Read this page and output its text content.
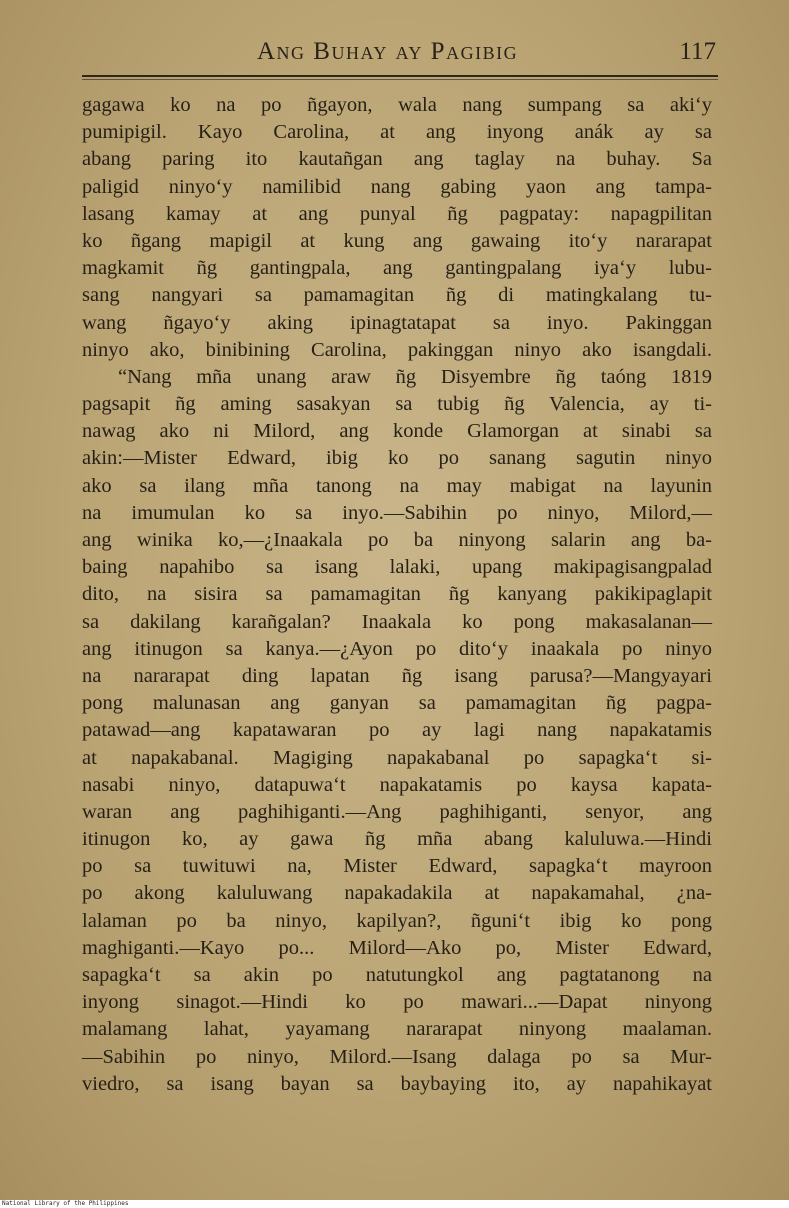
Ang Buhay ay Pagibig	117
gagawa ko na po ñgayon, wala nang sumpang sa aki‘y
pumipigil. Kayo Carolina, at ang inyong anák ay sa
abang paring ito kautañgan ang taglay na buhay. Sa
paligid ninyo‘y namilibid nang gabing yaon ang tampa-
lasang kamay at ang punyal ñg pagpatay: napagpilitan
ko ñgang mapigil at kung ang gawaing ito‘y nararapat
magkamit ñg gantingpala, ang gantingpalang iya‘y lubu-
sang nangyari sa pamamagitan ñg di matingkalang tu-
wang ñgayo‘y aking ipinagtatapat sa inyo. Pakinggan
ninyo ako, binibining Carolina, pakinggan ninyo ako isangdali.
“Nang mña unang araw ñg Disyembre ñg taóng 1819
pagsapit ñg aming sasakyan sa tubig ñg Valencia, ay ti-
nawag ako ni Milord, ang konde Glamorgan at sinabi sa
akin:—Mister Edward, ibig ko po sanang sagutin ninyo
ako sa ilang mña tanong na may mabigat na layunin
na imumulan ko sa inyo.—Sabihin po ninyo, Milord,—
ang winika ko,—¿Inaakala po ba ninyong salarin ang ba-
baing napahibo sa isang lalaki, upang makipagisangpalad
dito, na sisira sa pamamagitan ñg kanyang pakikipaglapit
sa dakilang karañgalan? Inaakala ko pong makasalanan—
ang itinugon sa kanya.—¿Ayon po dito‘y inaakala po ninyo
na nararapat ding lapatan ñg isang parusa?—Mangyayari
pong malunasan ang ganyan sa pamamagitan ñg pagpa-
patawad—ang kapatawaran po ay lagi nang napakatamis
at napakabanal. Magiging napakabanal po sapagka‘t si-
nasabi ninyo, datapuwa‘t napakatamis po kaysa kapata-
waran ang paghihiganti.—Ang paghihiganti, senyor, ang
itinugon ko, ay gawa ñg mña abang kaluluwa.—Hindi
po sa tuwituwi na, Mister Edward, sapagka‘t mayroon
po akong kaluluwang napakadakila at napakamahal, ¿na-
lalaman po ba ninyo, kapilyan?, ñguni‘t ibig ko pong
maghiganti.—Kayo po... Milord—Ako po, Mister Edward,
sapagka‘t sa akin po natutungkol ang pagtatanong na
inyong sinagot.—Hindi ko po mawari...—Dapat ninyong
malamang lahat, yayamang nararapat ninyong maalaman.
—Sabihin po ninyo, Milord.—Isang dalaga po sa Mur-
viedro, sa isang bayan sa baybaying ito, ay napahikayat
National Library of the Philippines
